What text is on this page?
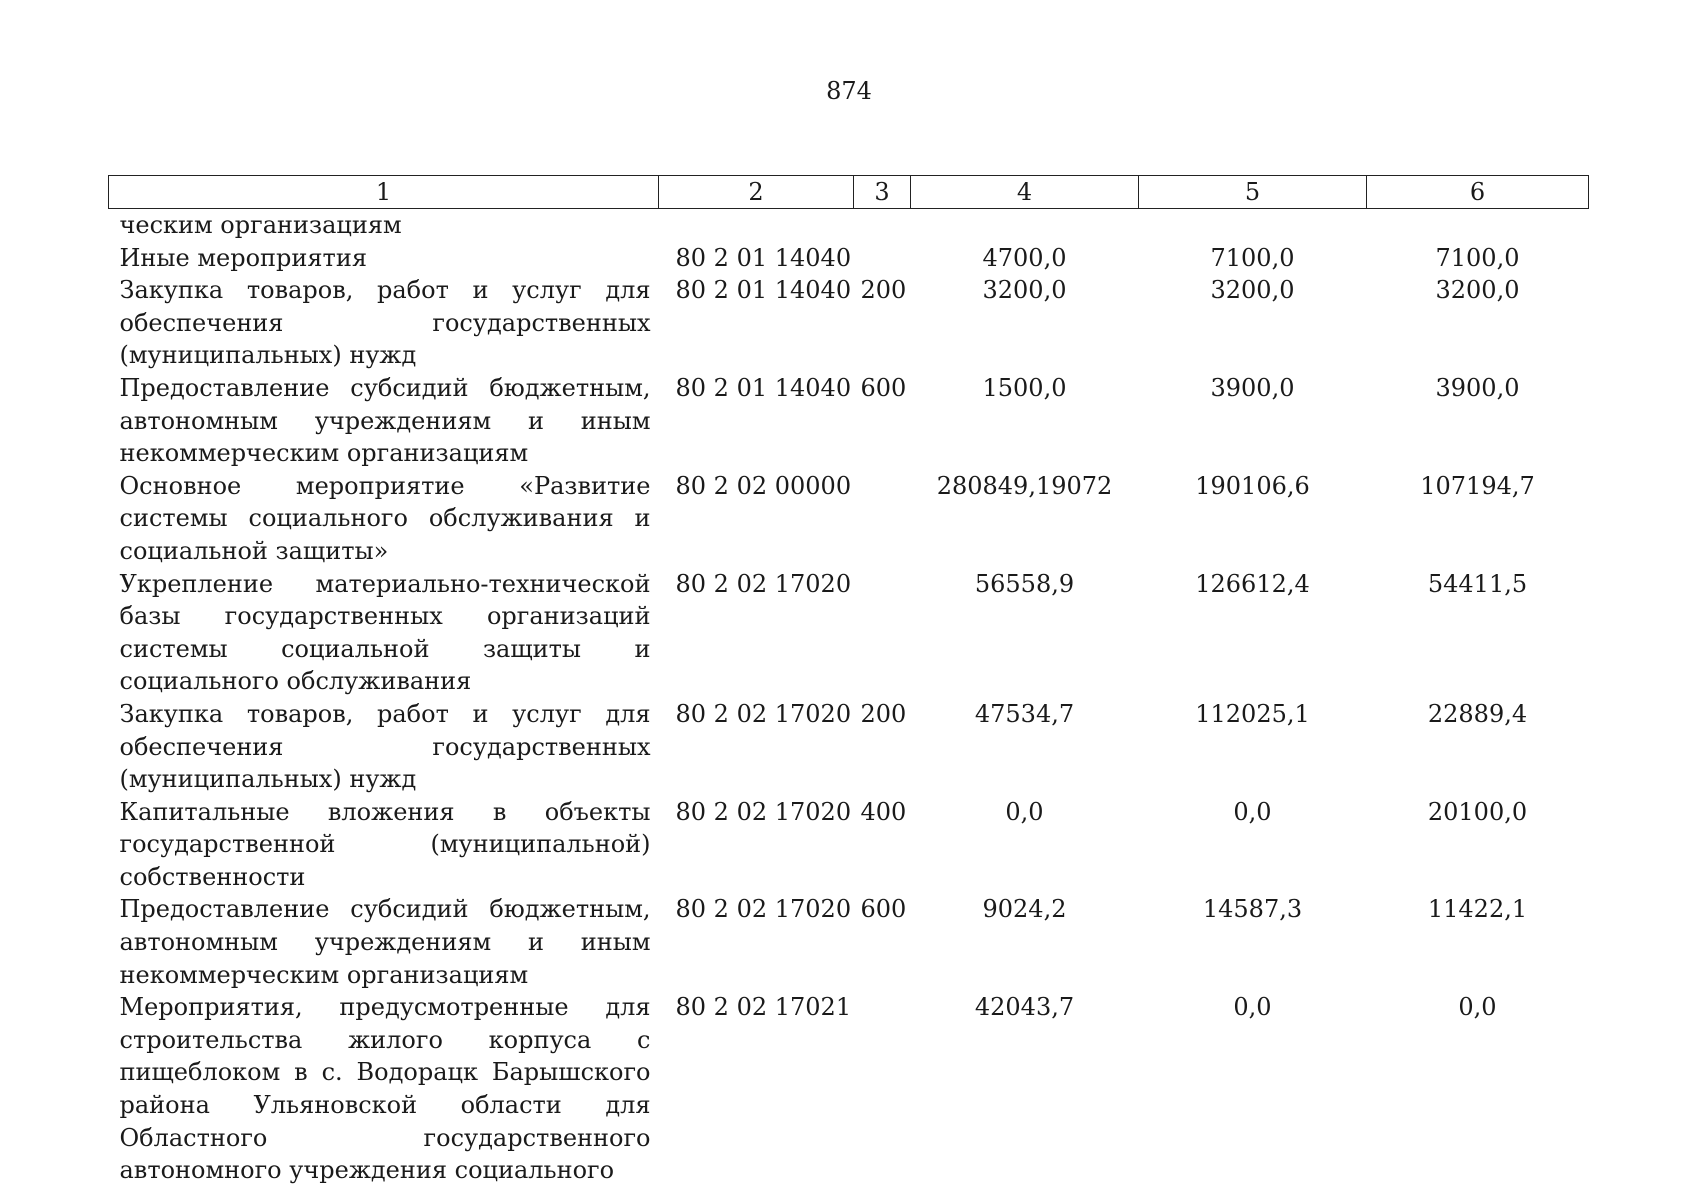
874
1	2	3	4	5	6
ческим организациям					
Иные мероприятия	80 2 01 14040		4700,0	7100,0	7100,0
Закупка товаров, работ и услуг для обеспечения государственных (муниципальных) нужд	80 2 01 14040	200	3200,0	3200,0	3200,0
Предоставление субсидий бюджетным, автономным учреждениям и иным некоммерческим организациям	80 2 01 14040	600	1500,0	3900,0	3900,0
Основное мероприятие «Развитие системы социального обслуживания и социальной защиты»	80 2 02 00000		280849,19072	190106,6	107194,7
Укрепление материально-технической базы государственных организаций системы социальной защиты и социального обслуживания	80 2 02 17020		56558,9	126612,4	54411,5
Закупка товаров, работ и услуг для обеспечения государственных (муниципальных) нужд	80 2 02 17020	200	47534,7	112025,1	22889,4
Капитальные вложения в объекты государственной (муниципальной) собственности	80 2 02 17020	400	0,0	0,0	20100,0
Предоставление субсидий бюджетным, автономным учреждениям и иным некоммерческим организациям	80 2 02 17020	600	9024,2	14587,3	11422,1
Мероприятия, предусмотренные для строительства жилого корпуса с пищеблоком в с. Водорацк Барышского района Ульяновской области для Областного государственного автономного учреждения социального	80 2 02 17021		42043,7	0,0	0,0
